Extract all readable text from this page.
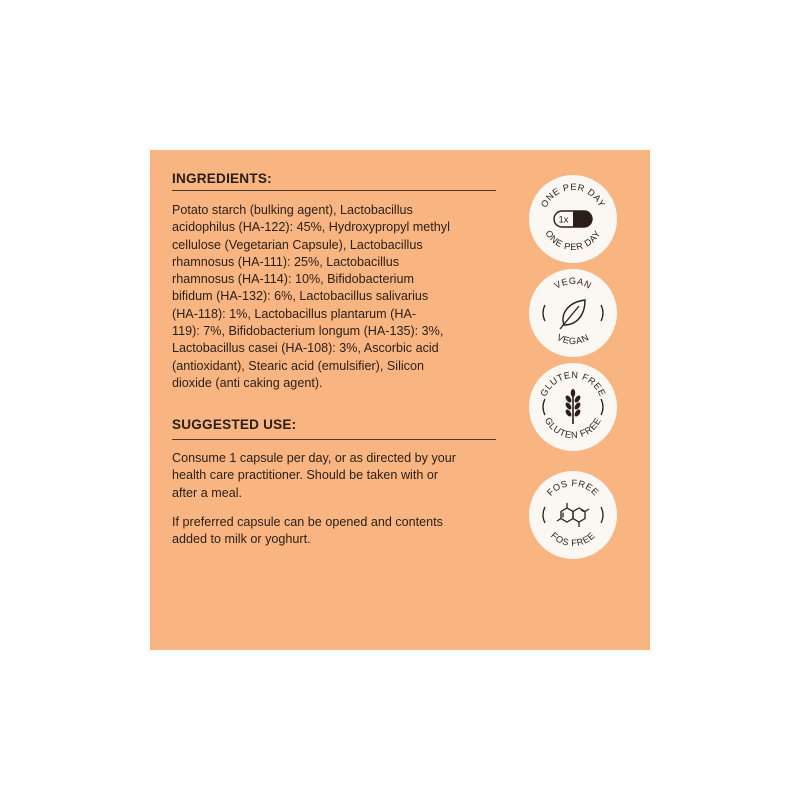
INGREDIENTS:
Potato starch (bulking agent), Lactobacillus
acidophilus (HA-122): 45%, Hydroxypropyl methyl
cellulose (Vegetarian Capsule), Lactobacillus
rhamnosus (HA-111): 25%, Lactobacillus
rhamnosus (HA-114): 10%, Bifidobacterium
bifidum (HA-132): 6%, Lactobacillus salivarius
(HA-118): 1%, Lactobacillus plantarum (HA-
119): 7%, Bifidobacterium longum (HA-135): 3%,
Lactobacillus casei (HA-108): 3%, Ascorbic acid
(antioxidant), Stearic acid (emulsifier), Silicon
dioxide (anti caking agent).
SUGGESTED USE:
Consume 1 capsule per day, or as directed by your
health care practitioner. Should be taken with or
after a meal.
If preferred capsule can be opened and contents
added to milk or yoghurt.
ONE PER DAY
ONE PER DAY
1x
VEGAN
VEGAN
GLUTEN FREE
GLUTEN FREE
FOS FREE
FOS FREE
